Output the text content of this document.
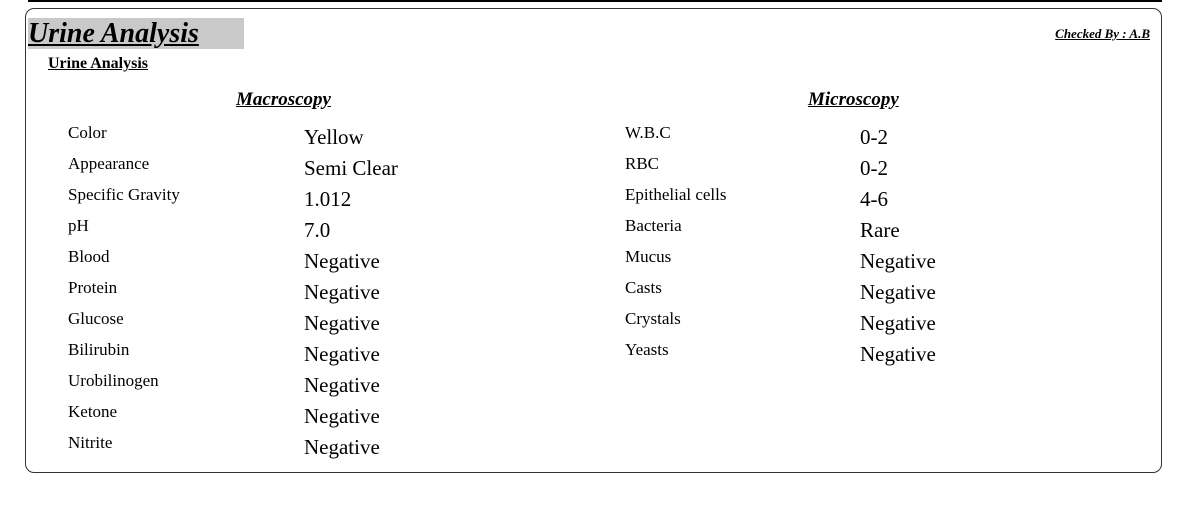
Urine Analysis	Checked By : A.B
Urine Analysis
Macroscopy	Microscopy
Color	Yellow
Appearance	Semi Clear
Specific Gravity	1.012
pH	7.0
Blood	Negative
Protein	Negative
Glucose	Negative
Bilirubin	Negative
Urobilinogen	Negative
Ketone	Negative
Nitrite	Negative
W.B.C	0-2
RBC	0-2
Epithelial cells	4-6
Bacteria	Rare
Mucus	Negative
Casts	Negative
Crystals	Negative
Yeasts	Negative
